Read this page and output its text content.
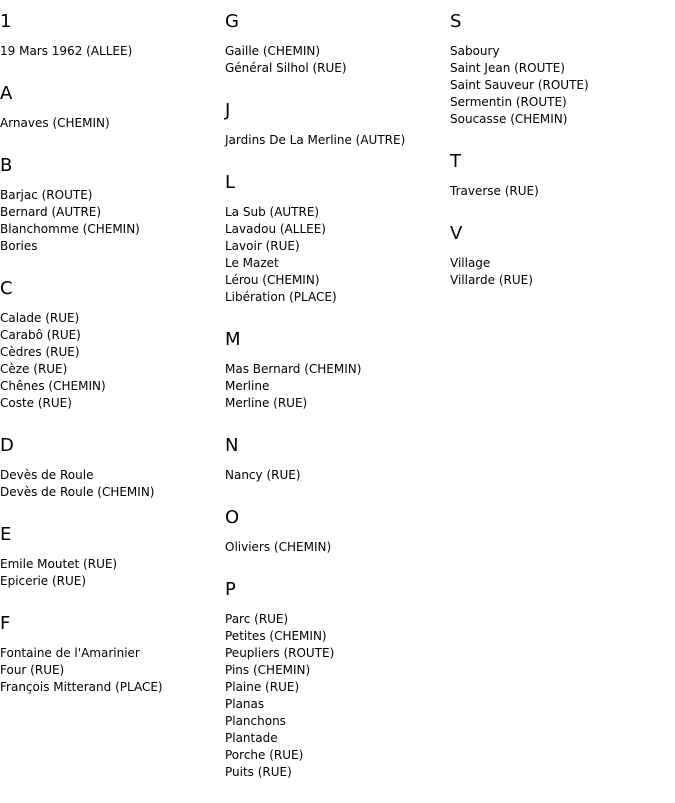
1
19 Mars 1962 (ALLEE)
A
Arnaves (CHEMIN)
B
Barjac (ROUTE)
Bernard (AUTRE)
Blanchomme (CHEMIN)
Bories
C
Calade (RUE)
Carabô (RUE)
Cèdres (RUE)
Cèze (RUE)
Chênes (CHEMIN)
Coste (RUE)
D
Devès de Roule
Devès de Roule (CHEMIN)
E
Emile Moutet (RUE)
Epicerie (RUE)
F
Fontaine de l'Amarinier
Four (RUE)
François Mitterand (PLACE)
G
Gaille (CHEMIN)
Général Silhol (RUE)
J
Jardins De La Merline (AUTRE)
L
La Sub (AUTRE)
Lavadou (ALLEE)
Lavoir (RUE)
Le Mazet
Lérou (CHEMIN)
Libération (PLACE)
M
Mas Bernard (CHEMIN)
Merline
Merline (RUE)
N
Nancy (RUE)
O
Oliviers (CHEMIN)
P
Parc (RUE)
Petites (CHEMIN)
Peupliers (ROUTE)
Pins (CHEMIN)
Plaine (RUE)
Planas
Planchons
Plantade
Porche (RUE)
Puits (RUE)
S
Saboury
Saint Jean (ROUTE)
Saint Sauveur (ROUTE)
Sermentin (ROUTE)
Soucasse (CHEMIN)
T
Traverse (RUE)
V
Village
Villarde (RUE)
